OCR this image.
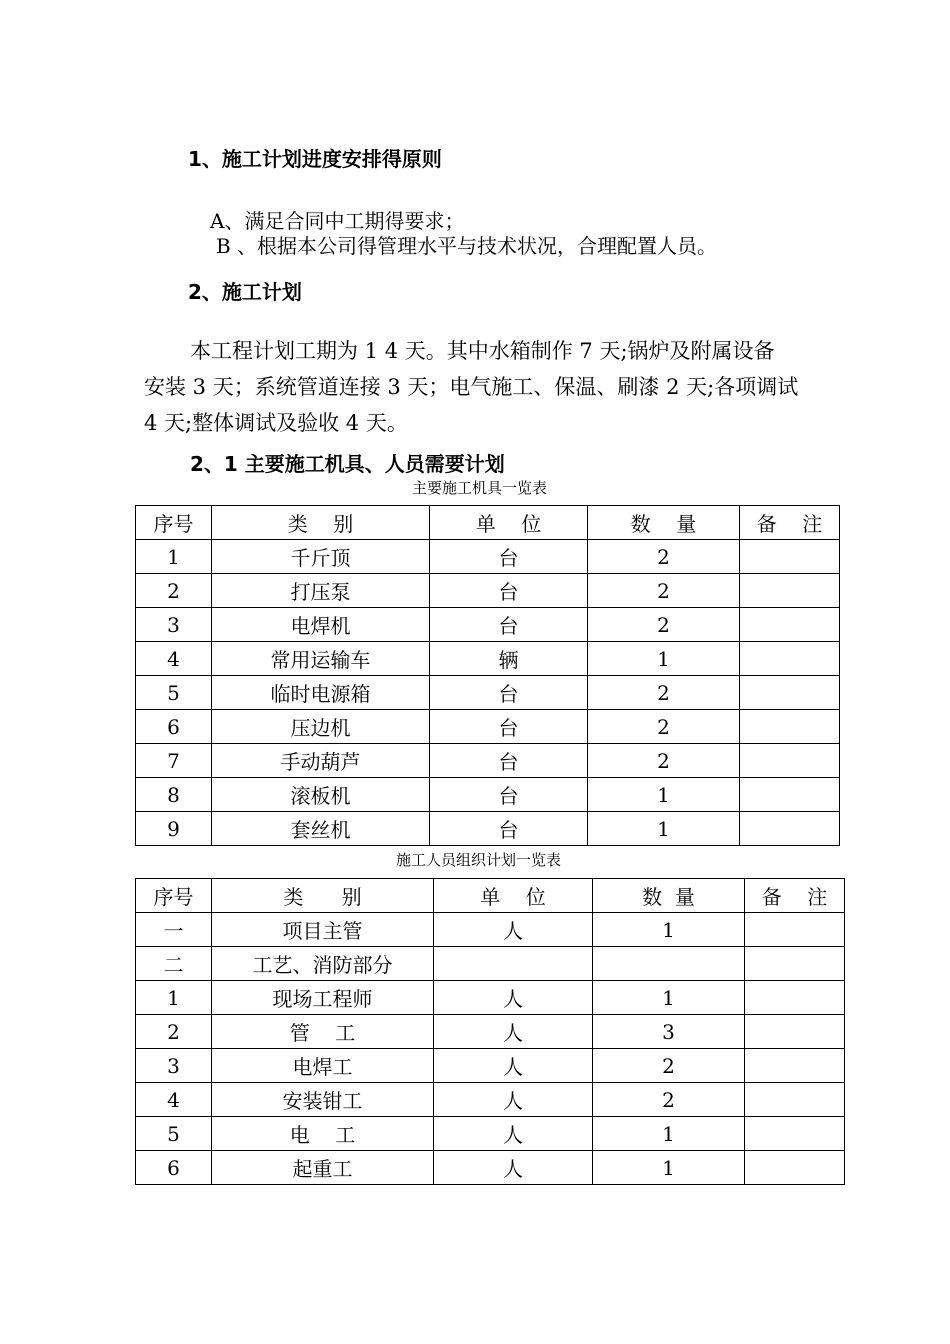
1、施工计划进度安排得原则
A、满足合同中工期得要求；
B 、根据本公司得管理水平与技术状况，合理配置人员。
2、施工计划
本工程计划工期为 1 4 天。其中水箱制作 7 天;锅炉及附属设备
安装 3 天；系统管道连接 3 天；电气施工、保温、刷漆 2 天;各项调试
4 天;整体调试及验收 4 天。
2、1 主要施工机具、人员需要计划
主要施工机具一览表
序号	类    别	单    位	数    量	备    注
1	千斤顶	台	2	
2	打压泵	台	2	
3	电焊机	台	2	
4	常用运输车	辆	1	
5	临时电源箱	台	2	
6	压边机	台	2	
7	手动葫芦	台	2	
8	滚板机	台	1	
9	套丝机	台	1	
施工人员组织计划一览表
序号	类      别	单    位	数  量	备    注
一	项目主管	人	1	
二	工艺、消防部分			
1	现场工程师	人	1	
2	管    工	人	3	
3	电焊工	人	2	
4	安装钳工	人	2	
5	电    工	人	1	
6	起重工	人	1	
